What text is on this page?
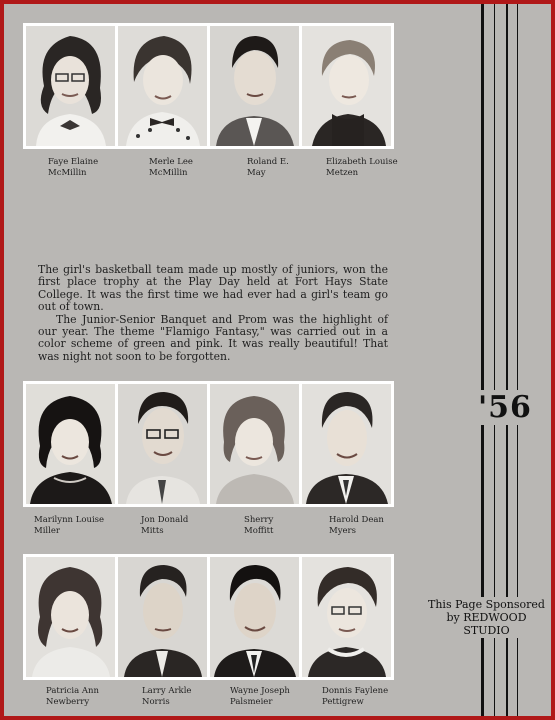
Faye Elaine
McMillin
Merle Lee
McMillin
Roland E.
May
Elizabeth Louise
Metzen

The girl's basketball team made up mostly of juniors, won the first place trophy at the Play Day held at Fort Hays State College. It was the first time we had ever had a girl's team go out of town.

The Junior-Senior Banquet and Prom was the highlight of our year. The theme "Flamigo Fantasy," was carried out in a color scheme of green and pink. It was really beautiful! That was night not soon to be forgotten.

Marilynn Louise
Miller
Jon Donald
Mitts
Sherry
Moffitt
Harold Dean
Myers
'56
Patricia Ann
Newberry
Larry Arkle
Norris
Wayne Joseph
Palsmeier
Donnis Faylene
Pettigrew
This Page Sponsored
by REDWOOD STUDIO
